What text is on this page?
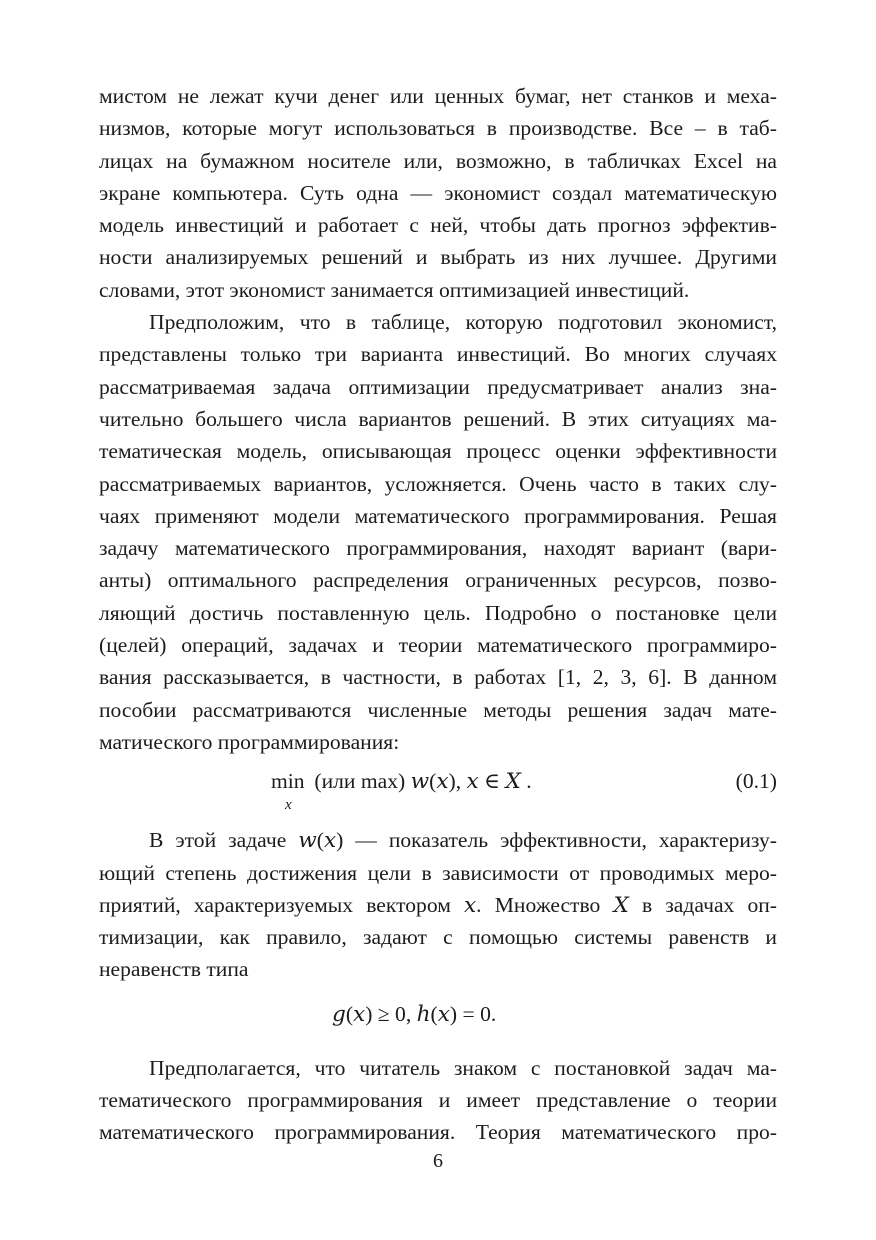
мистом не лежат кучи денег или ценных бумаг, нет станков и меха-
низмов, которые могут использоваться в производстве. Все – в таб-
лицах на бумажном носителе или, возможно, в табличках Excel на
экране компьютера. Суть одна — экономист создал математическую
модель инвестиций и работает с ней, чтобы дать прогноз эффектив-
ности анализируемых решений и выбрать из них лучшее. Другими
словами, этот экономист занимается оптимизацией инвестиций.
Предположим, что в таблице, которую подготовил экономист,
представлены только три варианта инвестиций. Во многих случаях
рассматриваемая задача оптимизации предусматривает анализ зна-
чительно большего числа вариантов решений. В этих ситуациях ма-
тематическая модель, описывающая процесс оценки эффективности
рассматриваемых вариантов, усложняется. Очень часто в таких слу-
чаях применяют модели математического программирования. Решая
задачу математического программирования, находят вариант (вари-
анты) оптимального распределения ограниченных ресурсов, позво-
ляющий достичь поставленную цель. Подробно о постановке цели
(целей) операций, задачах и теории математического программиро-
вания рассказывается, в частности, в работах [1, 2, 3, 6]. В данном
пособии рассматриваются численные методы решения задач мате-
матического программирования:
min
x
(или max) 𝑤(𝑥), 𝑥 ∈ 𝑋 .	(0.1)
В этой задаче 𝑤(𝑥) — показатель эффективности, характеризу-
ющий степень достижения цели в зависимости от проводимых меро-
приятий, характеризуемых вектором 𝑥. Множество 𝑋 в задачах оп-
тимизации, как правило, задают с помощью системы равенств и
неравенств типа
𝑔(𝑥) ≥ 0, ℎ(𝑥) = 0.
Предполагается, что читатель знаком с постановкой задач ма-
тематического программирования и имеет представление о теории
математического программирования. Теория математического про-
6
